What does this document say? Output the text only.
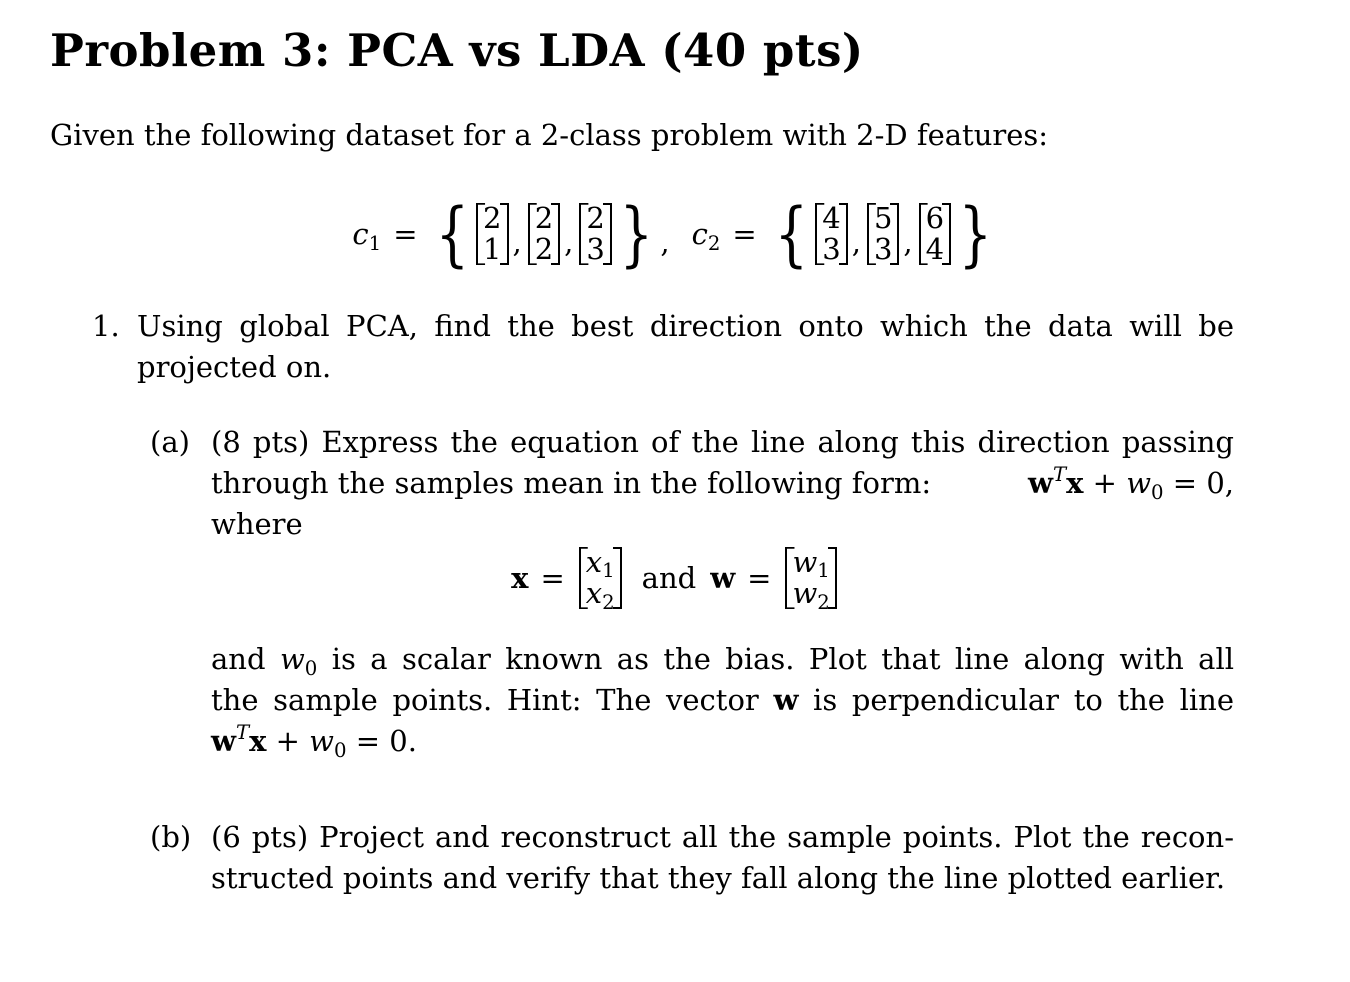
Problem 3: PCA vs LDA (40 pts)

Given the following dataset for a 2-class problem with 2-D features:

c1 = { 2
1 ,
2
2 ,
2
3 } , c2 = { 4
3 ,
5
3 ,
6
4 }
1. Using global PCA, find the best direction onto which the data will be

projected on.

(a) (8 pts) Express the equation of the line along this direction passing

through the samples mean in the following form:	$w^Tx + w0 = 0$,

where

x = x1
x2
and w = w1
w2

and w0 is a scalar known as the bias. Plot that line along with all

the sample points. Hint: The vector w is perpendicular to the line

$w^Tx + w0 = 0$.

(b) (6 pts) Project and reconstruct all the sample points. Plot the recon-

structed points and verify that they fall along the line plotted earlier.
